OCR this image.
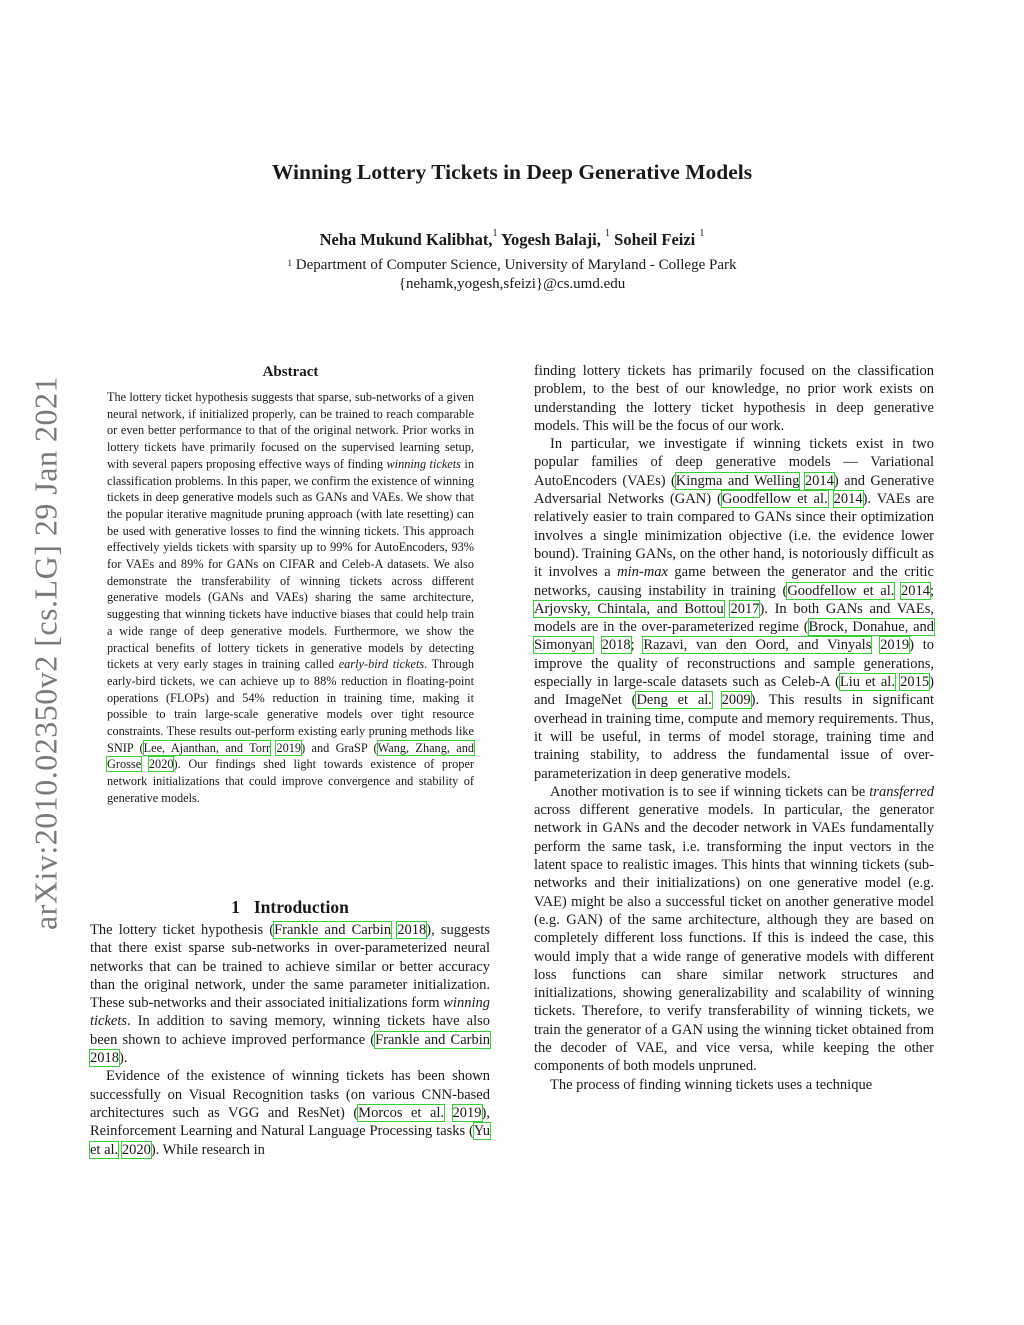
arXiv:2010.02350v2 [cs.LG] 29 Jan 2021
Winning Lottery Tickets in Deep Generative Models
Neha Mukund Kalibhat,$^1$ Yogesh Balaji, $^1$ Soheil Feizi $^1$
$^1$ Department of Computer Science, University of Maryland - College Park
{nehamk,yogesh,sfeizi}@cs.umd.edu
Abstract
The lottery ticket hypothesis suggests that sparse, sub-networks of a given neural network, if initialized properly, can be trained to reach comparable or even better performance to that of the original network. Prior works in lottery tickets have primarily focused on the supervised learning setup, with several papers proposing effective ways of finding winning tickets in classification problems. In this paper, we confirm the existence of winning tickets in deep generative models such as GANs and VAEs. We show that the popular iterative magnitude pruning approach (with late resetting) can be used with generative losses to find the winning tickets. This approach effectively yields tickets with sparsity up to 99% for AutoEncoders, 93% for VAEs and 89% for GANs on CIFAR and Celeb-A datasets. We also demonstrate the transferability of winning tickets across different generative models (GANs and VAEs) sharing the same architecture, suggesting that winning tickets have inductive biases that could help train a wide range of deep generative models. Furthermore, we show the practical benefits of lottery tickets in generative models by detecting tickets at very early stages in training called early-bird tickets. Through early-bird tickets, we can achieve up to 88% reduction in floating-point operations (FLOPs) and 54% reduction in training time, making it possible to train large-scale generative models over tight resource constraints. These results out-perform existing early pruning methods like SNIP (Lee, Ajanthan, and Torr 2019) and GraSP (Wang, Zhang, and Grosse 2020). Our findings shed light towards existence of proper network initializations that could improve convergence and stability of generative models.
1 Introduction

The lottery ticket hypothesis (Frankle and Carbin 2018), suggests that there exist sparse sub-networks in over-parameterized neural networks that can be trained to achieve similar or better accuracy than the original network, under the same parameter initialization. These sub-networks and their associated initializations form winning tickets. In addition to saving memory, winning tickets have also been shown to achieve improved performance (Frankle and Carbin 2018).

Evidence of the existence of winning tickets has been shown successfully on Visual Recognition tasks (on various CNN-based architectures such as VGG and ResNet) (Morcos et al. 2019), Reinforcement Learning and Natural Language Processing tasks (Yu et al. 2020). While research in

finding lottery tickets has primarily focused on the classification problem, to the best of our knowledge, no prior work exists on understanding the lottery ticket hypothesis in deep generative models. This will be the focus of our work.

In particular, we investigate if winning tickets exist in two popular families of deep generative models — Variational AutoEncoders (VAEs) (Kingma and Welling 2014) and Generative Adversarial Networks (GAN) (Goodfellow et al. 2014). VAEs are relatively easier to train compared to GANs since their optimization involves a single minimization objective (i.e. the evidence lower bound). Training GANs, on the other hand, is notoriously difficult as it involves a min-max game between the generator and the critic networks, causing instability in training (Goodfellow et al. 2014; Arjovsky, Chintala, and Bottou 2017). In both GANs and VAEs, models are in the over-parameterized regime (Brock, Donahue, and Simonyan 2018; Razavi, van den Oord, and Vinyals 2019) to improve the quality of reconstructions and sample generations, especially in large-scale datasets such as Celeb-A (Liu et al. 2015) and ImageNet (Deng et al. 2009). This results in significant overhead in training time, compute and memory requirements. Thus, it will be useful, in terms of model storage, training time and training stability, to address the fundamental issue of over-parameterization in deep generative models.

Another motivation is to see if winning tickets can be transferred across different generative models. In particular, the generator network in GANs and the decoder network in VAEs fundamentally perform the same task, i.e. transforming the input vectors in the latent space to realistic images. This hints that winning tickets (sub-networks and their initializations) on one generative model (e.g. VAE) might be also a successful ticket on another generative model (e.g. GAN) of the same architecture, although they are based on completely different loss functions. If this is indeed the case, this would imply that a wide range of generative models with different loss functions can share similar network structures and initializations, showing generalizability and scalability of winning tickets. Therefore, to verify transferability of winning tickets, we train the generator of a GAN using the winning ticket obtained from the decoder of VAE, and vice versa, while keeping the other components of both models unpruned.

The process of finding winning tickets uses a technique
